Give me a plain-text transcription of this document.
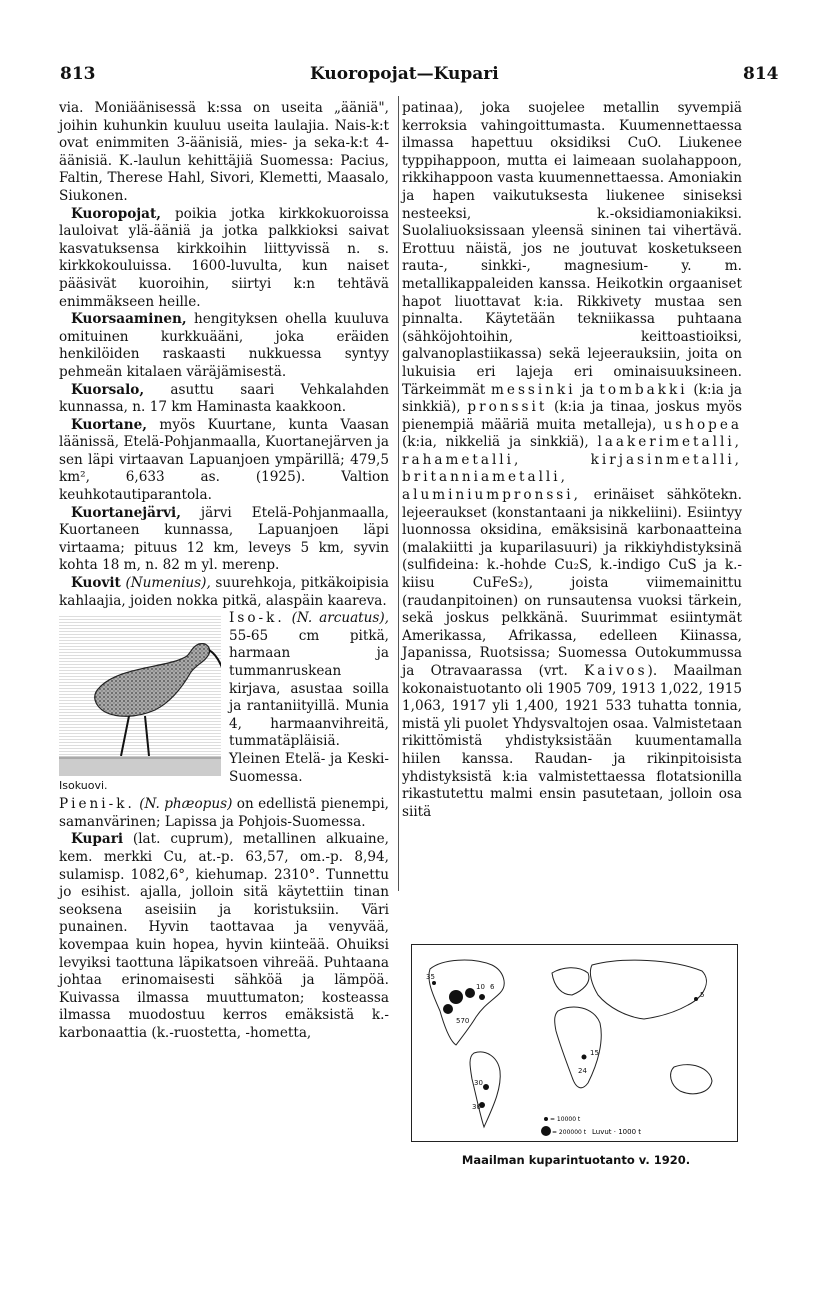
813	Kuoropojat—Kupari	814

via. Moniäänisessä k:ssa on useita „ääniä", joihin kuhunkin kuuluu useita laulajia. Nais-k:t ovat enimmiten 3-äänisiä, mies- ja seka-k:t 4-äänisiä. K.-laulun kehittäjiä Suomessa: Pacius, Faltin, Therese Hahl, Sivori, Klemetti, Maasalo, Siukonen.

Kuoropojat, poikia jotka kirkkokuoroissa lauloivat ylä-ääniä ja jotka palkkioksi saivat kasvatuksensa kirkkoihin liittyvissä n. s. kirkkokouluissa. 1600-luvulta, kun naiset pääsivät kuoroihin, siirtyi k:n tehtävä enimmäkseen heille.

Kuorsaaminen, hengityksen ohella kuuluva omituinen kurkkuääni, joka eräiden henkilöiden raskaasti nukkuessa syntyy pehmeän kitalaen väräjämisestä.

Kuorsalo, asuttu saari Vehkalahden kunnassa, n. 17 km Haminasta kaakkoon.

Kuortane, myös Kuurtane, kunta Vaasan läänissä, Etelä-Pohjanmaalla, Kuortanejärven ja sen läpi virtaavan Lapuanjoen ympärillä; 479,5 km², 6,633 as. (1925). Valtion keuhkotautiparantola.

Kuortanejärvi, järvi Etelä-Pohjanmaalla, Kuortaneen kunnassa, Lapuanjoen läpi virtaama; pituus 12 km, leveys 5 km, syvin kohta 18 m, n. 82 m yl. merenp.

Kuovit (Numenius), suurehkoja, pitkäkoipisia kahlaajia, joiden nokka pitkä, alaspäin kaareva.

Isokuovi.

Iso-k. (N. arcuatus), 55-65 cm pitkä, harmaan ja tummanruskean kirjava, asustaa soilla ja rantaniityillä. Munia 4, harmaanvihreitä, tummatäpläisiä. Yleinen Etelä- ja Keski-Suomessa.

Pieni-k. (N. phæopus) on edellistä pienempi, samanvärinen; Lapissa ja Pohjois-Suomessa.

Kupari (lat. cuprum), metallinen alkuaine, kem. merkki Cu, at.-p. 63,57, om.-p. 8,94, sulamisp. 1082,6°, kiehumap. 2310°. Tunnettu jo esihist. ajalla, jolloin sitä käytettiin tinan seoksena aseisiin ja koristuksiin. Väri punainen. Hyvin taottavaa ja venyvää, kovempaa kuin hopea, hyvin kiinteää. Ohuiksi levyiksi taottuna läpikatsoen vihreää. Puhtaana johtaa erinomaisesti sähköä ja lämpöä. Kuivassa ilmassa muuttumaton; kosteassa ilmassa muodostuu kerros emäksistä k.-karbonaattia (k.-ruostetta, -hometta,

patinaa), joka suojelee metallin syvempiä kerroksia vahingoittumasta. Kuumennettaessa ilmassa hapettuu oksidiksi CuO. Liukenee typpihappoon, mutta ei laimeaan suolahappoon, rikkihappoon vasta kuumennettaessa. Amoniakin ja hapen vaikutuksesta liukenee siniseksi nesteeksi, k.-oksidiamoniakiksi. Suolaliuoksissaan yleensä sininen tai vihertävä. Erottuu näistä, jos ne joutuvat kosketukseen rauta-, sinkki-, magnesium- y. m. metallikappaleiden kanssa. Heikotkin orgaaniset hapot liuottavat k:ia. Rikkivety mustaa sen pinnalta. Käytetään tekniikassa puhtaana (sähköjohtoihin, keittoastioiksi, galvanoplastiikassa) sekä lejeerauksiin, joita on lukuisia eri lajeja eri ominaisuuksineen. Tärkeimmät messinki ja tombakki (k:ia ja sinkkiä), pronssit (k:ia ja tinaa, joskus myös pienempiä määriä muita metalleja), ushopea (k:ia, nikkeliä ja sinkkiä), laakerimetalli, rahametalli,	kirjasinmetalli, britanniametalli, aluminiumpronssi, erinäiset sähkötekn. lejeeraukset (konstantaani ja nikkeliini). Esiintyy luonnossa oksidina, emäksisinä karbonaatteina (malakiitti ja kuparilasuuri) ja rikkiyhdistyksinä (sulfideina: k.-hohde Cu₂S, k.-indigo CuS ja k.-kiisu CuFeS₂), joista viimemainittu (raudanpitoinen) on runsautensa vuoksi tärkein, sekä joskus pelkkänä. Suurimmat esiintymät Amerikassa, Afrikassa, edelleen Kiinassa, Japanissa, Ruotsissa; Suomessa Outokummussa ja Otravaarassa (vrt. Kaivos). Maailman kokonaistuotanto oli 1905 709, 1913 1,022, 1915 1,063, 1917 yli 1,400, 1921 533 tuhatta tonnia, mistä yli puolet Yhdysvaltojen osaa. Valmistetaan rikittömistä yhdistyksistään kuumentamalla hiilen kanssa. Raudan- ja rikinpitoisista yhdistyksistä k:ia valmistettaessa flotatsionilla rikastutettu malmi ensin pasutetaan, jolloin osa siitä

35
6
10
570
30
30
15
24
5
= 10000 t
= 200000 t Luvut · 1000 t
Maailman kuparintuotanto v. 1920.
